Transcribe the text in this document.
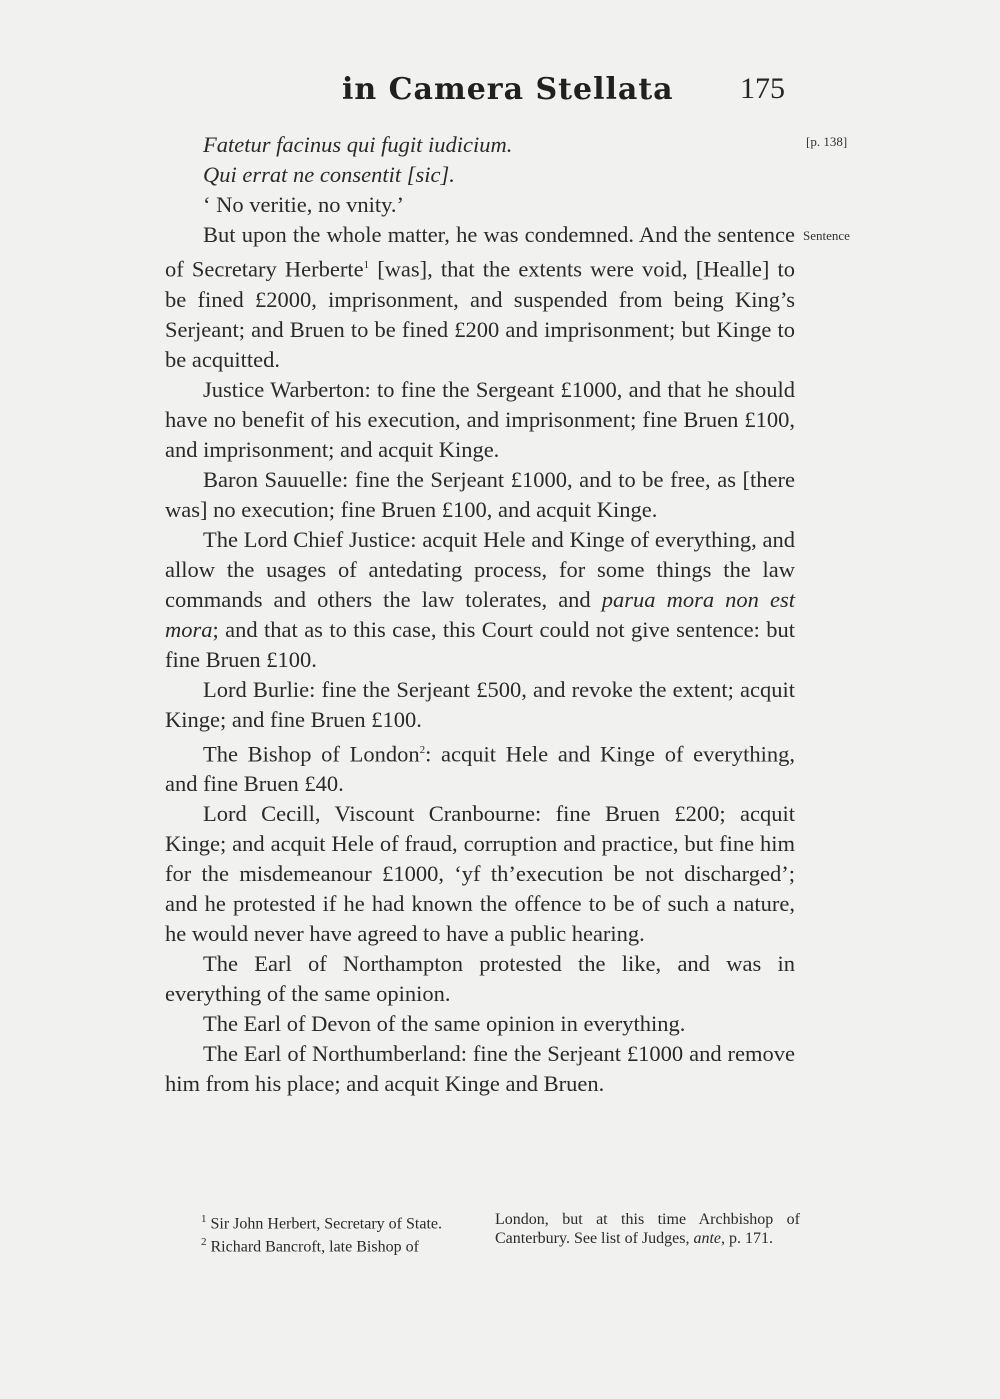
in Camera Stellata 175
[p. 138]
Sentence

Fatetur facinus qui fugit iudicium.

Qui errat ne consentit [sic].

‘ No veritie, no vnity.’

But upon the whole matter, he was condemned. And the sentence of Secretary Herberte$^1$ [was], that the extents were void, [Healle] to be fined £2000, imprisonment, and suspended from being King’s Serjeant; and Bruen to be fined £200 and imprisonment; but Kinge to be acquitted.

Justice Warberton: to fine the Sergeant £1000, and that he should have no benefit of his execution, and imprisonment; fine Bruen £100, and imprisonment; and acquit Kinge.

Baron Sauuelle: fine the Serjeant £1000, and to be free, as [there was] no execution; fine Bruen £100, and acquit Kinge.

The Lord Chief Justice: acquit Hele and Kinge of everything, and allow the usages of antedating process, for some things the law commands and others the law tolerates, and parua mora non est mora; and that as to this case, this Court could not give sentence: but fine Bruen £100.

Lord Burlie: fine the Serjeant £500, and revoke the extent; acquit Kinge; and fine Bruen £100.

The Bishop of London$^2$: acquit Hele and Kinge of everything, and fine Bruen £40.

Lord Cecill, Viscount Cranbourne: fine Bruen £200; acquit Kinge; and acquit Hele of fraud, corruption and practice, but fine him for the misdemeanour £1000, ‘yf th’execution be not discharged’; and he protested if he had known the offence to be of such a nature, he would never have agreed to have a public hearing.

The Earl of Northampton protested the like, and was in everything of the same opinion.

The Earl of Devon of the same opinion in everything.

The Earl of Northumberland: fine the Serjeant £1000 and remove him from his place; and acquit Kinge and Bruen.

$^1$ Sir John Herbert, Secretary of State.

$^2$ Richard Bancroft, late Bishop of

London, but at this time Archbishop of Canterbury. See list of Judges, ante, p. 171.
